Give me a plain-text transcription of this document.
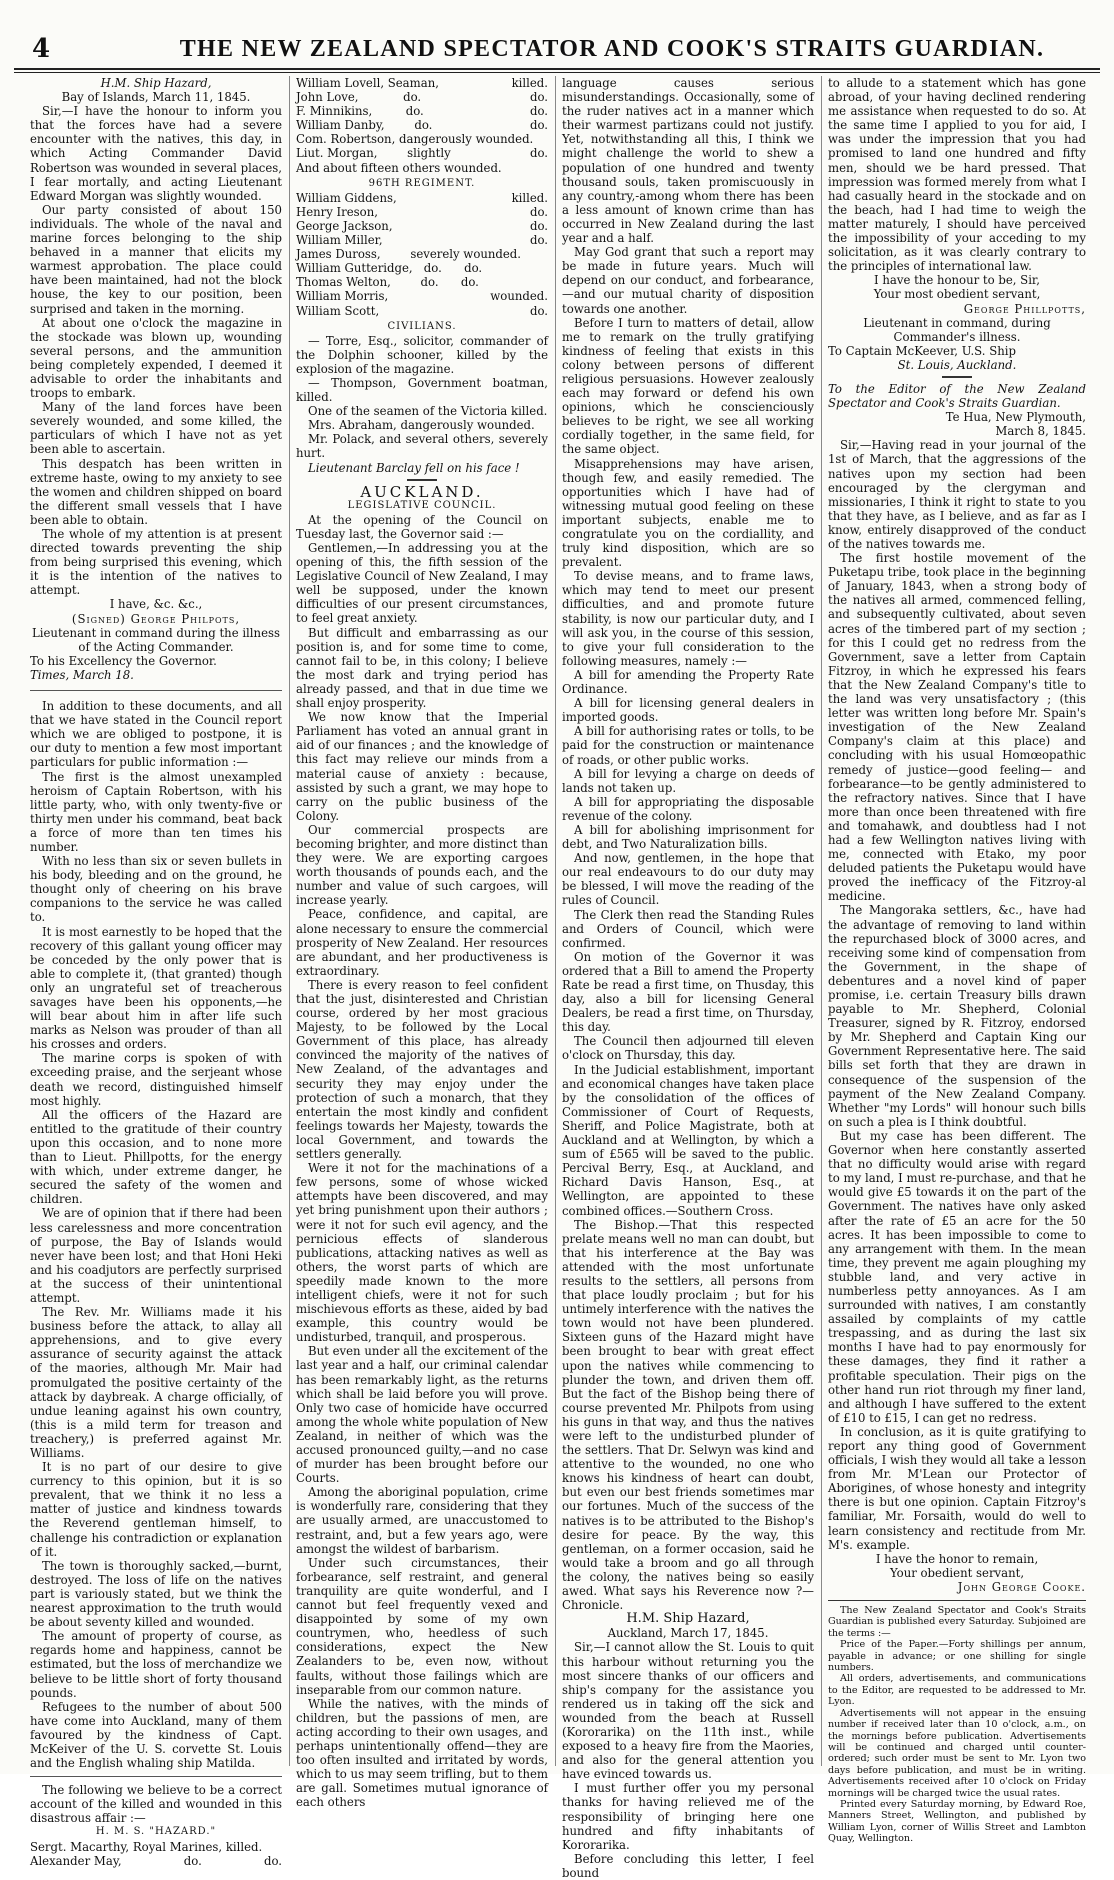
4	THE NEW ZEALAND SPECTATOR AND COOK'S STRAITS GUARDIAN.

H.M. Ship Hazard,

Bay of Islands, March 11, 1845.

Sir,—I have the honour to inform you that the forces have had a severe encounter with the natives, this day, in which Acting Commander David Robertson was wounded in several places, I fear mortally, and acting Lieutenant Edward Morgan was slightly wounded.

Our party consisted of about 150 individuals. The whole of the naval and marine forces belonging to the ship behaved in a manner that elicits my warmest approbation. The place could have been maintained, had not the block house, the key to our position, been surprised and taken in the morning.

At about one o'clock the magazine in the stockade was blown up, wounding several persons, and the ammunition being completely expended, I deemed it advisable to order the inhabitants and troops to embark.

Many of the land forces have been severely wounded, and some killed, the particulars of which I have not as yet been able to ascertain.

This despatch has been written in extreme haste, owing to my anxiety to see the women and children shipped on board the different small vessels that I have been able to obtain.

The whole of my attention is at present directed towards preventing the ship from being surprised this evening, which it is the intention of the natives to attempt.

I have, &c. &c.,

(Signed) George Philpots,

Lieutenant in command during the illness of the Acting Commander.

To his Excellency the Governor.

Times, March 18.

In addition to these documents, and all that we have stated in the Council report which we are obliged to postpone, it is our duty to mention a few most important particulars for public information :—

The first is the almost unexampled heroism of Captain Robertson, with his little party, who, with only twenty-five or thirty men under his command, beat back a force of more than ten times his number.

With no less than six or seven bullets in his body, bleeding and on the ground, he thought only of cheering on his brave companions to the service he was called to.

It is most earnestly to be hoped that the recovery of this gallant young officer may be conceded by the only power that is able to complete it, (that granted) though only an ungrateful set of treacherous savages have been his opponents,—he will bear about him in after life such marks as Nelson was prouder of than all his crosses and orders.

The marine corps is spoken of with exceeding praise, and the serjeant whose death we record, distinguished himself most highly.

All the officers of the Hazard are entitled to the gratitude of their country upon this occasion, and to none more than to Lieut. Phillpotts, for the energy with which, under extreme danger, he secured the safety of the women and children.

We are of opinion that if there had been less carelessness and more concentration of purpose, the Bay of Islands would never have been lost; and that Honi Heki and his coadjutors are perfectly surprised at the success of their unintentional attempt.

The Rev. Mr. Williams made it his business before the attack, to allay all apprehensions, and to give every assurance of security against the attack of the maories, although Mr. Mair had promulgated the positive certainty of the attack by daybreak. A charge officially, of undue leaning against his own country, (this is a mild term for treason and treachery,) is preferred against Mr. Williams.

It is no part of our desire to give currency to this opinion, but it is so prevalent, that we think it no less a matter of justice and kindness towards the Reverend gentleman himself, to challenge his contradiction or explanation of it.

The town is thoroughly sacked,—burnt, destroyed. The loss of life on the natives part is variously stated, but we think the nearest approximation to the truth would be about seventy killed and wounded.

The amount of property of course, as regards home and happiness, cannot be estimated, but the loss of merchandize we believe to be little short of forty thousand pounds.

Refugees to the number of about 500 have come into Auckland, many of them favoured by the kindness of Capt. McKeiver of the U. S. corvette St. Louis and the English whaling ship Matilda.

The following we believe to be a correct account of the killed and wounded in this disastrous affair :—

H. M. S. "HAZARD."

Sergt. Macarthy, Royal Marines, killed.

Alexander May,	do.	do.
William Lovell, Seaman,	killed.
John Love,            do.	do.
F. Minnikins,         do.	do.
William Danby,        do.	do.
Com. Robertson, dangerously wounded.
Liut. Morgan,        slightly	do.
And about fifteen others wounded.

96TH REGIMENT.

William Giddens,	killed.
Henry Ireson,	do.
George Jackson,	do.
William Miller,	do.
James Duross,        severely wounded.
William Gutteridge,   do.      do.
Thomas Welton,        do.      do.
William Morris,	wounded.
William Scott,	do.

CIVILIANS.

— Torre, Esq., solicitor, commander of the Dolphin schooner, killed by the explosion of the magazine.

— Thompson, Government boatman, killed.

One of the seamen of the Victoria killed.

Mrs. Abraham, dangerously wounded.

Mr. Polack, and several others, severely hurt.

Lieutenant Barclay fell on his face !

AUCKLAND.

LEGISLATIVE COUNCIL.

At the opening of the Council on Tuesday last, the Governor said :—

Gentlemen,—In addressing you at the opening of this, the fifth session of the Legislative Council of New Zealand, I may well be supposed, under the known difficulties of our present circumstances, to feel great anxiety.

But difficult and embarrassing as our position is, and for some time to come, cannot fail to be, in this colony; I believe the most dark and trying period has already passed, and that in due time we shall enjoy prosperity.

We now know that the Imperial Parliament has voted an annual grant in aid of our finances ; and the knowledge of this fact may relieve our minds from a material cause of anxiety : because, assisted by such a grant, we may hope to carry on the public business of the Colony.

Our commercial prospects are becoming brighter, and more distinct than they were. We are exporting cargoes worth thousands of pounds each, and the number and value of such cargoes, will increase yearly.

Peace, confidence, and capital, are alone necessary to ensure the commercial prosperity of New Zealand. Her resources are abundant, and her productiveness is extraordinary.

There is every reason to feel confident that the just, disinterested and Christian course, ordered by her most gracious Majesty, to be followed by the Local Government of this place, has already convinced the majority of the natives of New Zealand, of the advantages and security they may enjoy under the protection of such a monarch, that they entertain the most kindly and confident feelings towards her Majesty, towards the local Government, and towards the settlers generally.

Were it not for the machinations of a few persons, some of whose wicked attempts have been discovered, and may yet bring punishment upon their authors ; were it not for such evil agency, and the pernicious effects of slanderous publications, attacking natives as well as others, the worst parts of which are speedily made known to the more intelligent chiefs, were it not for such mischievous efforts as these, aided by bad example, this country would be undisturbed, tranquil, and prosperous.

But even under all the excitement of the last year and a half, our criminal calendar has been remarkably light, as the returns which shall be laid before you will prove. Only two case of homicide have occurred among the whole white population of New Zealand, in neither of which was the accused pronounced guilty,—and no case of murder has been brought before our Courts.

Among the aboriginal population, crime is wonderfully rare, considering that they are usually armed, are unaccustomed to restraint, and, but a few years ago, were amongst the wildest of barbarism.

Under such circumstances, their forbearance, self restraint, and general tranquility are quite wonderful, and I cannot but feel frequently vexed and disappointed by some of my own countrymen, who, heedless of such considerations, expect the New Zealanders to be, even now, without faults, without those failings which are inseparable from our common nature.

While the natives, with the minds of children, but the passions of men, are acting according to their own usages, and perhaps unintentionally offend—they are too often insulted and irritated by words, which to us may seem trifling, but to them are gall. Sometimes mutual ignorance of each others

language causes serious misunderstandings. Occasionally, some of the ruder natives act in a manner which their warmest partizans could not justify. Yet, notwithstanding all this, I think we might challenge the world to shew a population of one hundred and twenty thousand souls, taken promiscuously in any country,-among whom there has been a less amount of known crime than has occurred in New Zealand during the last year and a half.

May God grant that such a report may be made in future years. Much will depend on our conduct, and forbearance,—and our mutual charity of disposition towards one another.

Before I turn to matters of detail, allow me to remark on the trully gratifying kindness of feeling that exists in this colony between persons of different religious persuasions. However zealously each may forward or defend his own opinions, which he conscienciously believes to be right, we see all working cordially together, in the same field, for the same object.

Misapprehensions may have arisen, though few, and easily remedied. The opportunities which I have had of witnessing mutual good feeling on these important subjects, enable me to congratulate you on the cordiallity, and truly kind disposition, which are so prevalent.

To devise means, and to frame laws, which may tend to meet our present difficulties, and and promote future stability, is now our particular duty, and I will ask you, in the course of this session, to give your full consideration to the following measures, namely :—

A bill for amending the Property Rate Ordinance.

A bill for licensing general dealers in imported goods.

A bill for authorising rates or tolls, to be paid for the construction or maintenance of roads, or other public works.

A bill for levying a charge on deeds of lands not taken up.

A bill for appropriating the disposable revenue of the colony.

A bill for abolishing imprisonment for debt, and Two Naturalization bills.

And now, gentlemen, in the hope that our real endeavours to do our duty may be blessed, I will move the reading of the rules of Council.

The Clerk then read the Standing Rules and Orders of Council, which were confirmed.

On motion of the Governor it was ordered that a Bill to amend the Property Rate be read a first time, on Thusday, this day, also a bill for licensing General Dealers, be read a first time, on Thursday, this day.

The Council then adjourned till eleven o'clock on Thursday, this day.

In the Judicial establishment, important and economical changes have taken place by the consolidation of the offices of Commissioner of Court of Requests, Sheriff, and Police Magistrate, both at Auckland and at Wellington, by which a sum of £565 will be saved to the public. Percival Berry, Esq., at Auckland, and Richard Davis Hanson, Esq., at Wellington, are appointed to these combined offices.—Southern Cross.

The Bishop.—That this respected prelate means well no man can doubt, but that his interference at the Bay was attended with the most unfortunate results to the settlers, all persons from that place loudly proclaim ; but for his untimely interference with the natives the town would not have been plundered. Sixteen guns of the Hazard might have been brought to bear with great effect upon the natives while commencing to plunder the town, and driven them off. But the fact of the Bishop being there of course prevented Mr. Philpots from using his guns in that way, and thus the natives were left to the undisturbed plunder of the settlers. That Dr. Selwyn was kind and attentive to the wounded, no one who knows his kindness of heart can doubt, but even our best friends sometimes mar our fortunes. Much of the success of the natives is to be attributed to the Bishop's desire for peace. By the way, this gentleman, on a former occasion, said he would take a broom and go all through the colony, the natives being so easily awed. What says his Reverence now ?—Chronicle.

H.M. Ship Hazard,

Auckland, March 17, 1845.

Sir,—I cannot allow the St. Louis to quit this harbour without returning you the most sincere thanks of our officers and ship's company for the assistance you rendered us in taking off the sick and wounded from the beach at Russell (Kororarika) on the 11th inst., while exposed to a heavy fire from the Maories, and also for the general attention you have evinced towards us.

I must further offer you my personal thanks for having relieved me of the responsibility of bringing here one hundred and fifty inhabitants of Kororarika.

Before concluding this letter, I feel bound

to allude to a statement which has gone abroad, of your having declined rendering me assistance when requested to do so. At the same time I applied to you for aid, I was under the impression that you had promised to land one hundred and fifty men, should we be hard pressed. That impression was formed merely from what I had casually heard in the stockade and on the beach, had I had time to weigh the matter maturely, I should have perceived the impossibility of your acceding to my solicitation, as it was clearly contrary to the principles of international law.

I have the honour to be, Sir,

Your most obedient servant,

George Phillpotts,

Lieutenant in command, during Commander's illness.

To Captain McKeever, U.S. Ship

St. Louis, Auckland.

To the Editor of the New Zealand Spectator and Cook's Straits Guardian.

Te Hua, New Plymouth,

March 8, 1845.

Sir,—Having read in your journal of the 1st of March, that the aggressions of the natives upon my section had been encouraged by the clergyman and missionaries, I think it right to state to you that they have, as I believe, and as far as I know, entirely disapproved of the conduct of the natives towards me.

The first hostile movement of the Puketapu tribe, took place in the beginning of January, 1843, when a strong body of the natives all armed, commenced felling, and subsequently cultivated, about seven acres of the timbered part of my section ; for this I could get no redress from the Government, save a letter from Captain Fitzroy, in which he expressed his fears that the New Zealand Company's title to the land was very unsatisfactory ; (this letter was written long before Mr. Spain's investigation of the New Zealand Company's claim at this place) and concluding with his usual Homœopathic remedy of justice—good feeling— and forbearance—to be gently administered to the refractory natives. Since that I have more than once been threatened with fire and tomahawk, and doubtless had I not had a few Wellington natives living with me, connected with Etako, my poor deluded patients the Puketapu would have proved the inefficacy of the Fitzroy-al medicine.

The Mangoraka settlers, &c., have had the advantage of removing to land within the repurchased block of 3000 acres, and receiving some kind of compensation from the Government, in the shape of debentures and a novel kind of paper promise, i.e. certain Treasury bills drawn payable to Mr. Shepherd, Colonial Treasurer, signed by R. Fitzroy, endorsed by Mr. Shepherd and Captain King our Government Representative here. The said bills set forth that they are drawn in consequence of the suspension of the payment of the New Zealand Company. Whether "my Lords" will honour such bills on such a plea is I think doubtful.

But my case has been different. The Governor when here constantly asserted that no difficulty would arise with regard to my land, I must re-purchase, and that he would give £5 towards it on the part of the Government. The natives have only asked after the rate of £5 an acre for the 50 acres. It has been impossible to come to any arrangement with them. In the mean time, they prevent me again ploughing my stubble land, and very active in numberless petty annoyances. As I am surrounded with natives, I am constantly assailed by complaints of my cattle trespassing, and as during the last six months I have had to pay enormously for these damages, they find it rather a profitable speculation. Their pigs on the other hand run riot through my finer land, and although I have suffered to the extent of £10 to £15, I can get no redress.

In conclusion, as it is quite gratifying to report any thing good of Government officials, I wish they would all take a lesson from Mr. M'Lean our Protector of Aborigines, of whose honesty and integrity there is but one opinion. Captain Fitzroy's familiar, Mr. Forsaith, would do well to learn consistency and rectitude from Mr. M's. example.

I have the honor to remain,

Your obedient servant,

John George Cooke.

The New Zealand Spectator and Cook's Straits Guardian is published every Saturday. Subjoined are the terms :—

Price of the Paper.—Forty shillings per annum, payable in advance; or one shilling for single numbers.

All orders, advertisements, and communications to the Editor, are requested to be addressed to Mr. Lyon.

Advertisements will not appear in the ensuing number if received later than 10 o'clock, a.m., on the mornings before publication. Advertisements will be continued and charged until counter-ordered; such order must be sent to Mr. Lyon two days before publication, and must be in writing. Advertisements received after 10 o'clock on Friday mornings will be charged twice the usual rates.

Printed every Saturday morning, by Edward Roe, Manners Street, Wellington, and published by William Lyon, corner of Willis Street and Lambton Quay, Wellington.
